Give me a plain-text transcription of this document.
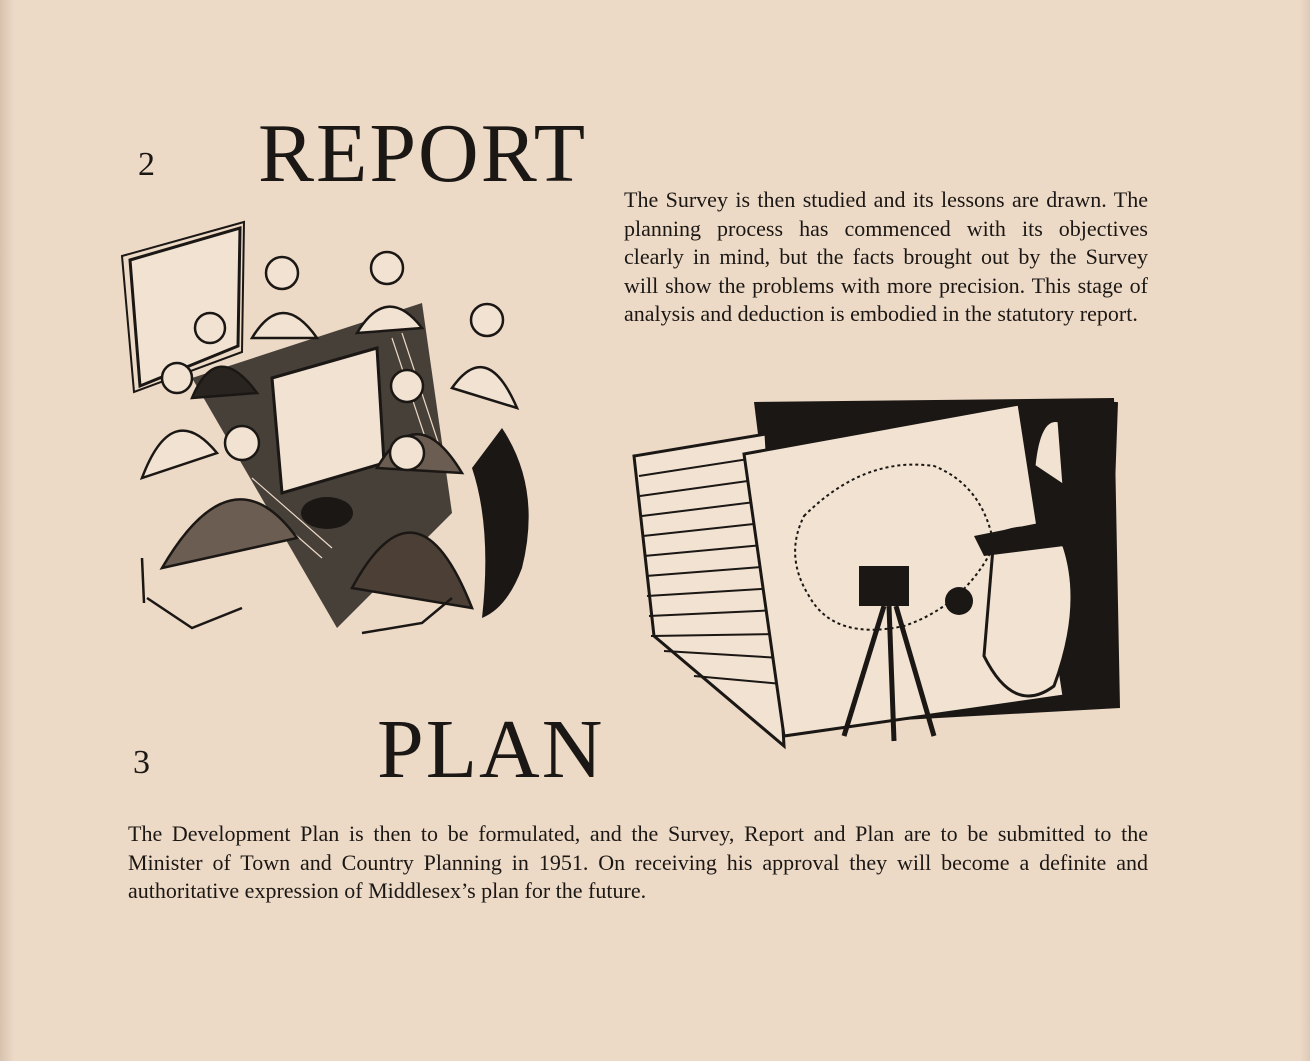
2 REPORT The Survey is then studied and its lessons are drawn. The planning process has commenced with its objectives clearly in mind, but the facts brought out by the Survey will show the problems with more precision. This stage of analysis and deduction is embodied in the statutory report.

3	PLAN

The Development Plan is then to be formulated, and the Survey, Report and Plan are to be submitted to the Minister of Town and Country Planning in 1951. On receiving his approval they will become a definite and authoritative expression of Middlesex’s plan for the future.
